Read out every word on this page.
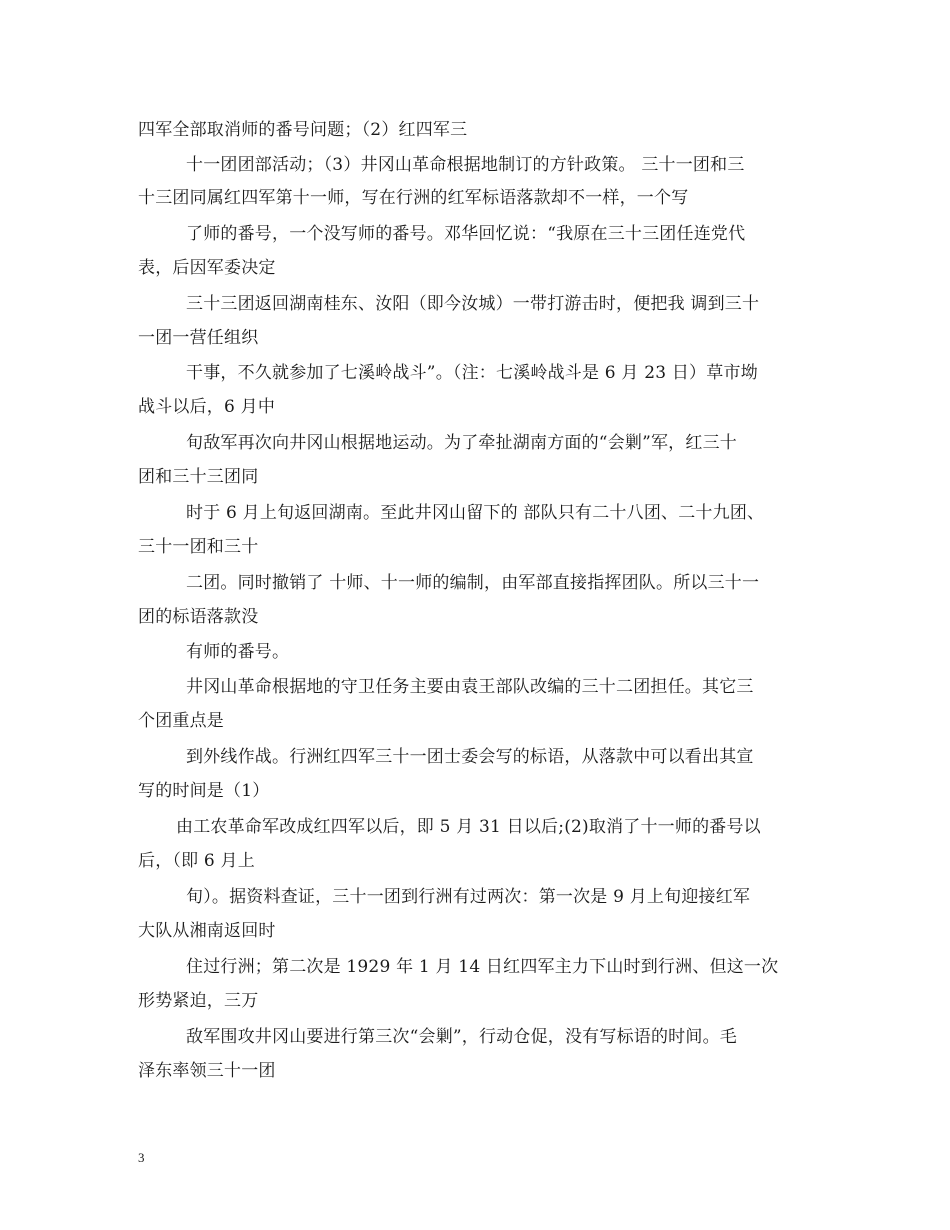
四军全部取消师的番号问题；（2）红四军三
十一团团部活动；（3）井冈山革命根据地制订的方针政策。 三十一团和三
十三团同属红四军第十一师，写在行洲的红军标语落款却不一样，一个写
了师的番号，一个没写师的番号。邓华回忆说：“我原在三十三团任连党代
表，后因军委决定
三十三团返回湖南桂东、汝阳（即今汝城）一带打游击时，便把我 调到三十
一团一营任组织
干事，不久就参加了七溪岭战斗”。（注：七溪岭战斗是 6 月 23 日）草市坳
战斗以后，6 月中
旬敌军再次向井冈山根据地运动。为了牵扯湖南方面的“会剿”军，红三十
团和三十三团同
时于 6 月上旬返回湖南。至此井冈山留下的 部队只有二十八团、二十九团、
三十一团和三十
二团。同时撤销了 十师、十一师的编制，由军部直接指挥团队。所以三十一
团的标语落款没
有师的番号。
井冈山革命根据地的守卫任务主要由袁王部队改编的三十二团担任。其它三
个团重点是
到外线作战。行洲红四军三十一团士委会写的标语，从落款中可以看出其宣
写的时间是（1）
由工农革命军改成红四军以后，即 5 月 31 日以后;(2)取消了十一师的番号以
后，（即 6 月上
旬）。据资料查证，三十一团到行洲有过两次：第一次是 9 月上旬迎接红军
大队从湘南返回时
住过行洲；第二次是 1929 年 1 月 14 日红四军主力下山时到行洲、但这一次
形势紧迫，三万
敌军围攻井冈山要进行第三次“会剿”，行动仓促，没有写标语的时间。毛
泽东率领三十一团
3
